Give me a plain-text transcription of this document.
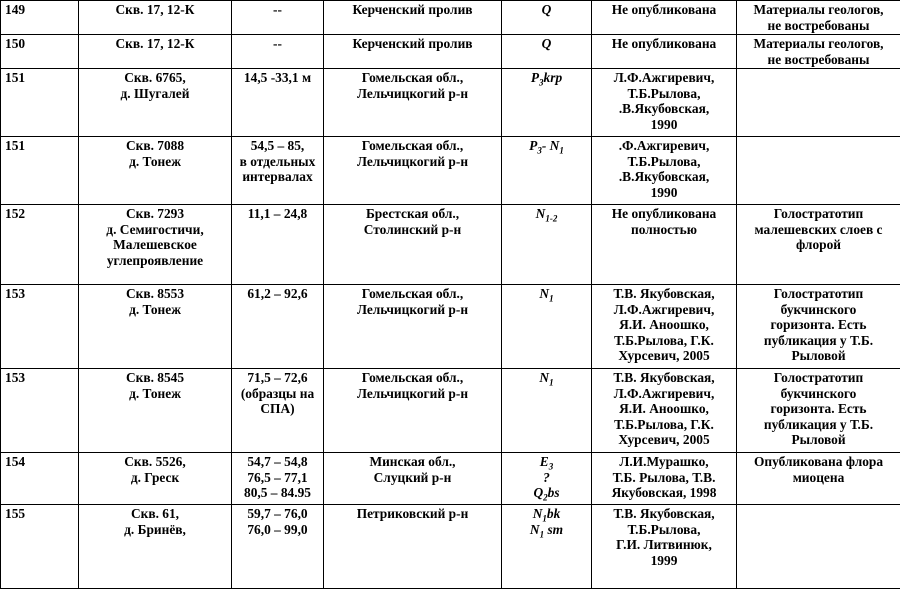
149	Скв. 17, 12-К	--	Керченский пролив	Q	Не опубликована	Материалы геологов,
не востребованы

150	Скв. 17, 12-К	--	Керченский пролив	Q	Не опубликована	Материалы геологов,
не востребованы

151	Скв. 6765,
д. Шугалей	14,5 -33,1 м	Гомельская обл.,
Лельчицкогий р-н	$P_3krp$	Л.Ф.Ажгиревич,
Т.Б.Рылова,
.В.Якубовская,
1990	

151	Скв. 7088
д. Тонеж	54,5 – 85,
в отдельных
интервалах	Гомельская обл.,
Лельчицкогий р-н	$P_3-$ $N_1$	.Ф.Ажгиревич,
Т.Б.Рылова,
.В.Якубовская,
1990	

152	Скв. 7293
д. Семигостичи,
Малешевское
углепроявление	11,1 – 24,8	Брестская обл.,
Столинский р-н	$N_{1-2}$	Не опубликована
полностью	Голостратотип
малешевских слоев с
флорой

153	Скв. 8553
д. Тонеж	61,2 – 92,6	Гомельская обл.,
Лельчицкогий р-н	$N_1$	Т.В. Якубовская,
Л.Ф.Ажгиревич,
Я.И. Аноошко,
Т.Б.Рылова, Г.К.
Хурсевич, 2005	Голостратотип
букчинского
горизонта. Есть
публикация у Т.Б.
Рыловой

153	Скв. 8545
д. Тонеж	71,5 – 72,6
(образцы на
СПА)	Гомельская обл.,
Лельчицкогий р-н	$N_1$	Т.В. Якубовская,
Л.Ф.Ажгиревич,
Я.И. Аноошко,
Т.Б.Рылова, Г.К.
Хурсевич, 2005	Голостратотип
букчинского
горизонта. Есть
публикация у Т.Б.
Рыловой

154	Скв. 5526,
д. Греск	54,7 – 54,8
76,5 – 77,1
80,5 – 84.95	Минская обл.,
Слуцкий р-н	$E_3$
?
$Q_2bs$	Л.И.Мурашко,
Т.Б. Рылова, Т.В.
Якубовская, 1998	Опубликована флора
миоцена

155	Скв. 61,
д. Бринёв,	59,7 – 76,0
76,0 – 99,0	Петриковский р-н	$N_1bk$
$N_1$ sm	Т.В. Якубовская,
Т.Б.Рылова,
Г.И. Литвинюк,
1999	
